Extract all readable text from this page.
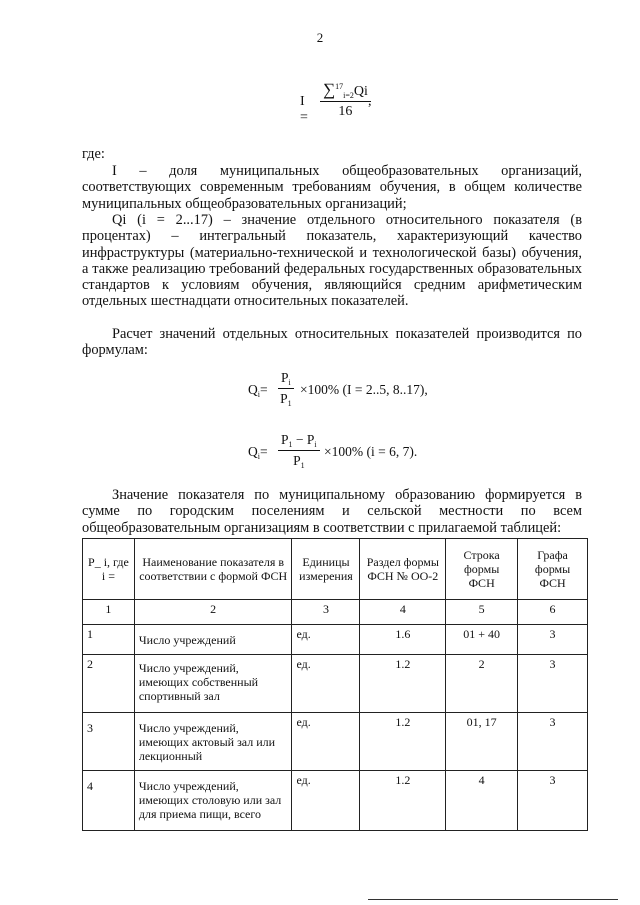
2
$I = \frac{\sum^{17}_{i=2}Qi}{16}$
,
где:
I – доля муниципальных общеобразовательных организаций, соответствующих современным требованиям обучения, в общем количестве муниципальных общеобразовательных организаций;
Qi (i = 2...17) – значение отдельного относительного показателя (в процентах) – интегральный показатель, характеризующий качество инфраструктуры (материально-технической и технологической базы) обучения, а также реализацию требований федеральных государственных образовательных стандартов к условиям обучения, являющийся средним арифметическим отдельных шестнадцати относительных показателей.
Расчет значений отдельных относительных показателей производится по формулам:
$Q_i= \frac{P_i}{P_1} \times 100\%$ (I = 2..5, 8..17),
$Q_i= \frac{P_1 - P_i}{P_1} \times 100\%$ (i = 6, 7).
Значение показателя по муниципальному образованию формируется в сумме по городским поселениям и сельской местности по всем общеобразовательным организациям в соответствии с прилагаемой таблицей:
P_ i, где i =	Наименование показателя в соответствии с формой ФСН	Единицы измерения	Раздел формы ФСН № ОО-2	Строка формы ФСН	Графа формы ФСН
1	2	3	4	5	6
1	Число учреждений	ед.	1.6	01 + 40	3
2	Число учреждений, имеющих собственный спортивный зал	ед.	1.2	2	3
3	Число учреждений, имеющих актовый зал или лекционный	ед.	1.2	01, 17	3
4	Число учреждений, имеющих столовую или зал для приема пищи, всего	ед.	1.2	4	3
